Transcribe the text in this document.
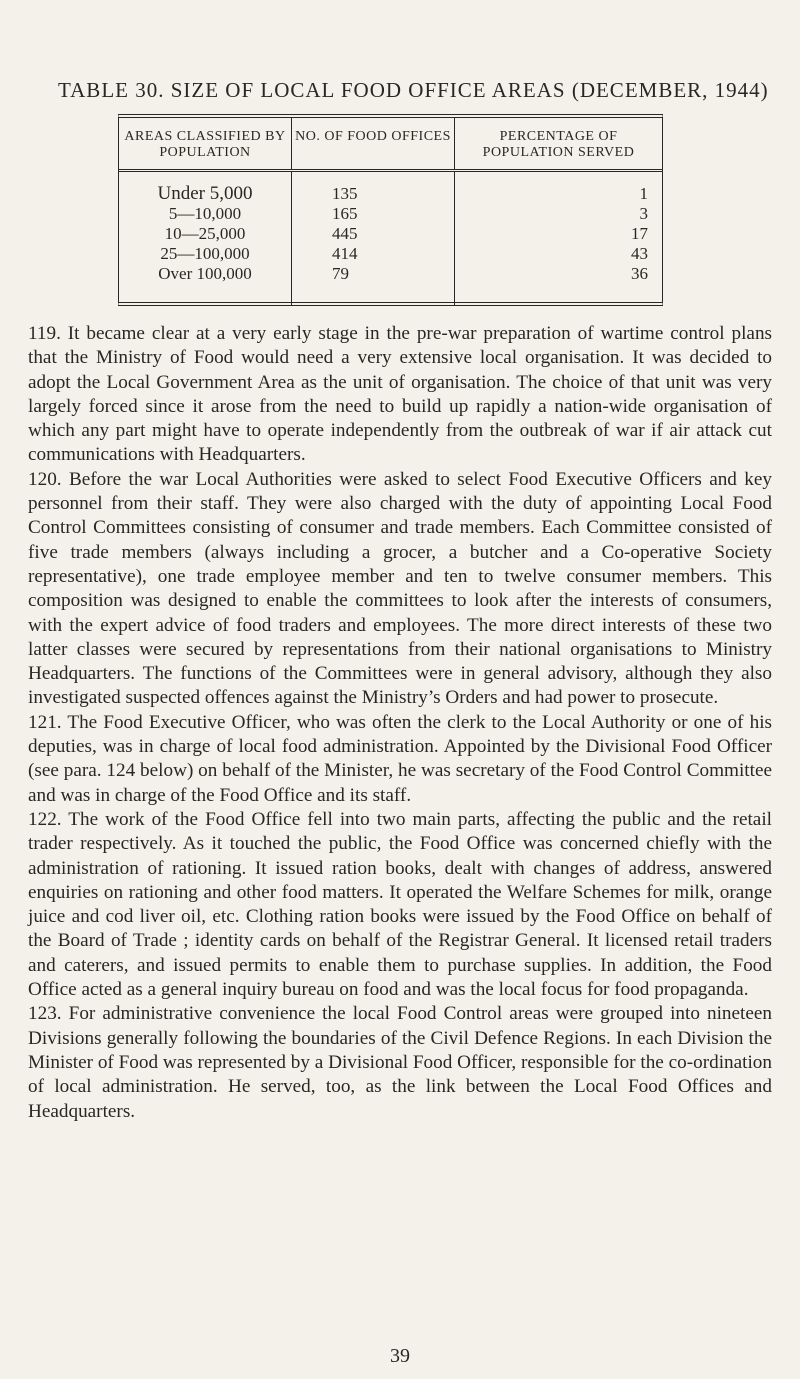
TABLE 30. SIZE OF LOCAL FOOD OFFICE AREAS (DECEMBER, 1944)
AREAS CLASSIFIED BY POPULATION
NO. OF FOOD OFFICES	PERCENTAGE OF POPULATION SERVED
Under 5,000
5—10,000
10—25,000
25—100,000
Over 100,000
135
165
445
414
79
1
3
17
43
36

119. It became clear at a very early stage in the pre-war preparation of wartime control plans that the Ministry of Food would need a very extensive local organisation. It was decided to adopt the Local Government Area as the unit of organisation. The choice of that unit was very largely forced since it arose from the need to build up rapidly a nation-wide organisation of which any part might have to operate independently from the outbreak of war if air attack cut communications with Headquarters.

120. Before the war Local Authorities were asked to select Food Executive Officers and key personnel from their staff. They were also charged with the duty of appointing Local Food Control Committees consisting of consumer and trade members. Each Committee consisted of five trade members (always including a grocer, a butcher and a Co-operative Society representative), one trade employee member and ten to twelve consumer members. This composition was designed to enable the committees to look after the interests of consumers, with the expert advice of food traders and employees. The more direct interests of these two latter classes were secured by representations from their national organisations to Ministry Headquarters. The functions of the Committees were in general advisory, although they also investigated suspected offences against the Ministry’s Orders and had power to prosecute.

121. The Food Executive Officer, who was often the clerk to the Local Authority or one of his deputies, was in charge of local food administration. Appointed by the Divisional Food Officer (see para. 124 below) on behalf of the Minister, he was secretary of the Food Control Committee and was in charge of the Food Office and its staff.

122. The work of the Food Office fell into two main parts, affecting the public and the retail trader respectively. As it touched the public, the Food Office was concerned chiefly with the administration of rationing. It issued ration books, dealt with changes of address, answered enquiries on rationing and other food matters. It operated the Welfare Schemes for milk, orange juice and cod liver oil, etc. Clothing ration books were issued by the Food Office on behalf of the Board of Trade ; identity cards on behalf of the Registrar General. It licensed retail traders and caterers, and issued permits to enable them to purchase supplies. In addition, the Food Office acted as a general inquiry bureau on food and was the local focus for food propaganda.

123. For administrative convenience the local Food Control areas were grouped into nineteen Divisions generally following the boundaries of the Civil Defence Regions. In each Division the Minister of Food was represented by a Divisional Food Officer, responsible for the co-ordination of local administration. He served, too, as the link between the Local Food Offices and Headquarters.

39
